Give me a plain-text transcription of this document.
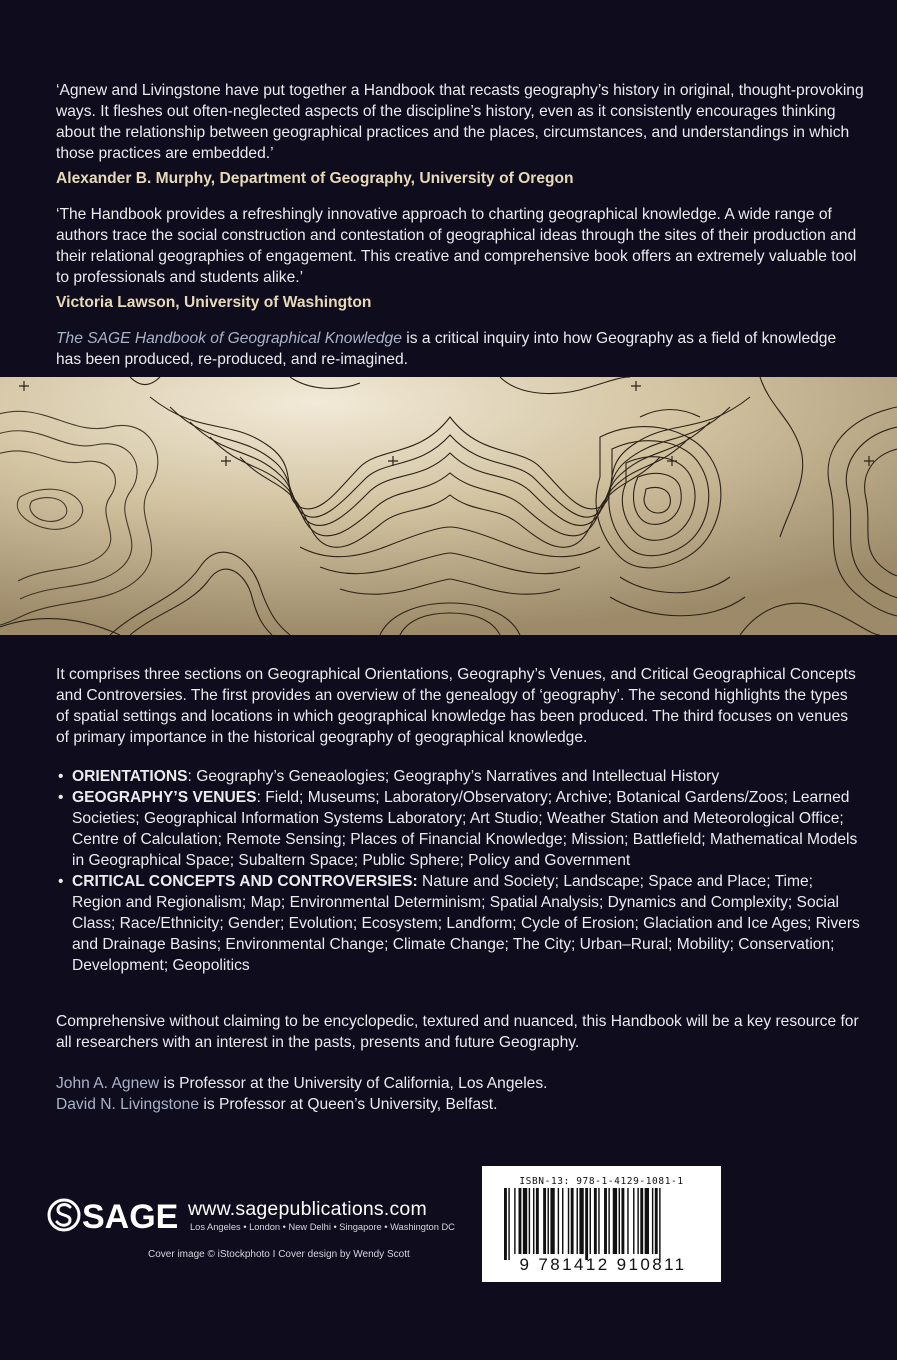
‘Agnew and Livingstone have put together a Handbook that recasts geography’s history in original, thought-provoking ways. It fleshes out often-neglected aspects of the discipline’s history, even as it consistently encourages thinking about the relationship between geographical practices and the places, circumstances, and understandings in which those practices are embedded.’

Alexander B. Murphy, Department of Geography, University of Oregon

‘The Handbook provides a refreshingly innovative approach to charting geographical knowledge. A wide range of authors trace the social construction and contestation of geographical ideas through the sites of their production and their relational geographies of engagement. This creative and comprehensive book offers an extremely valuable tool to professionals and students alike.’

Victoria Lawson, University of Washington
The SAGE Handbook of Geographical Knowledge is a critical inquiry into how Geography as a field of knowledge has been produced, re-produced, and re-imagined.
It comprises three sections on Geographical Orientations, Geography’s Venues, and Critical Geographical Concepts and Controversies. The first provides an overview of the genealogy of ‘geography’. The second highlights the types of spatial settings and locations in which geographical knowledge has been produced. The third focuses on venues of primary importance in the historical geography of geographical knowledge.
• ORIENTATIONS: Geography’s Geneaologies; Geography’s Narratives and Intellectual History
• GEOGRAPHY’S VENUES: Field; Museums; Laboratory/Observatory; Archive; Botanical Gardens/Zoos; Learned Societies; Geographical Information Systems Laboratory; Art Studio; Weather Station and Meteorological Office; Centre of Calculation; Remote Sensing; Places of Financial Knowledge; Mission; Battlefield; Mathematical Models in Geographical Space; Subaltern Space; Public Sphere; Policy and Government
• CRITICAL CONCEPTS AND CONTROVERSIES: Nature and Society; Landscape; Space and Place; Time; Region and Regionalism; Map; Environmental Determinism; Spatial Analysis; Dynamics and Complexity; Social Class; Race/Ethnicity; Gender; Evolution; Ecosystem; Landform; Cycle of Erosion; Glaciation and Ice Ages; Rivers and Drainage Basins; Environmental Change; Climate Change; The City; Urban–Rural; Mobility; Conservation; Development; Geopolitics
Comprehensive without claiming to be encyclopedic, textured and nuanced, this Handbook will be a key resource for all researchers with an interest in the pasts, presents and future Geography.
John A. Agnew is Professor at the University of California, Los Angeles.
David N. Livingstone is Professor at Queen’s University, Belfast.
SAGE www.sagepublications.com
Los Angeles • London • New Delhi • Singapore • Washington DC
Cover image © iStockphoto I Cover design by Wendy Scott
ISBN-13: 978-1-4129-1081-1
9 781412 910811
